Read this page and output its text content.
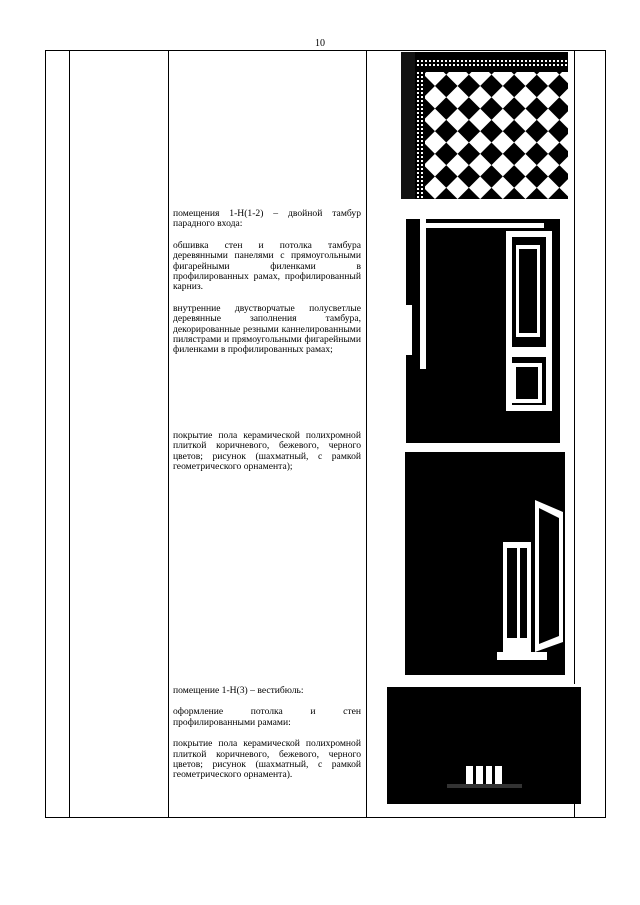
10

помещения 1-Н(1-2) – двойной тамбур парадного входа:

обшивка стен и потолка тамбура деревянными панелями с прямоугольными фигарейными филенками в профилированных рамах, профилированный карниз.

внутренние двустворчатые полусветлые деревянные заполнения тамбура, декорированные резными каннелированными пилястрами и прямоугольными фигарейными филенками в профилированных рамах;

покрытие пола керамической полихромной плиткой коричневого, бежевого, черного цветов; рисунок (шахматный, с рамкой геометрического орнамента);

помещение 1-Н(3) – вестибюль:

оформление потолка и стен профилированными рамами:

покрытие пола керамической полихромной плиткой коричневого, бежевого, черного цветов; рисунок (шахматный, с рамкой геометрического орнамента).
